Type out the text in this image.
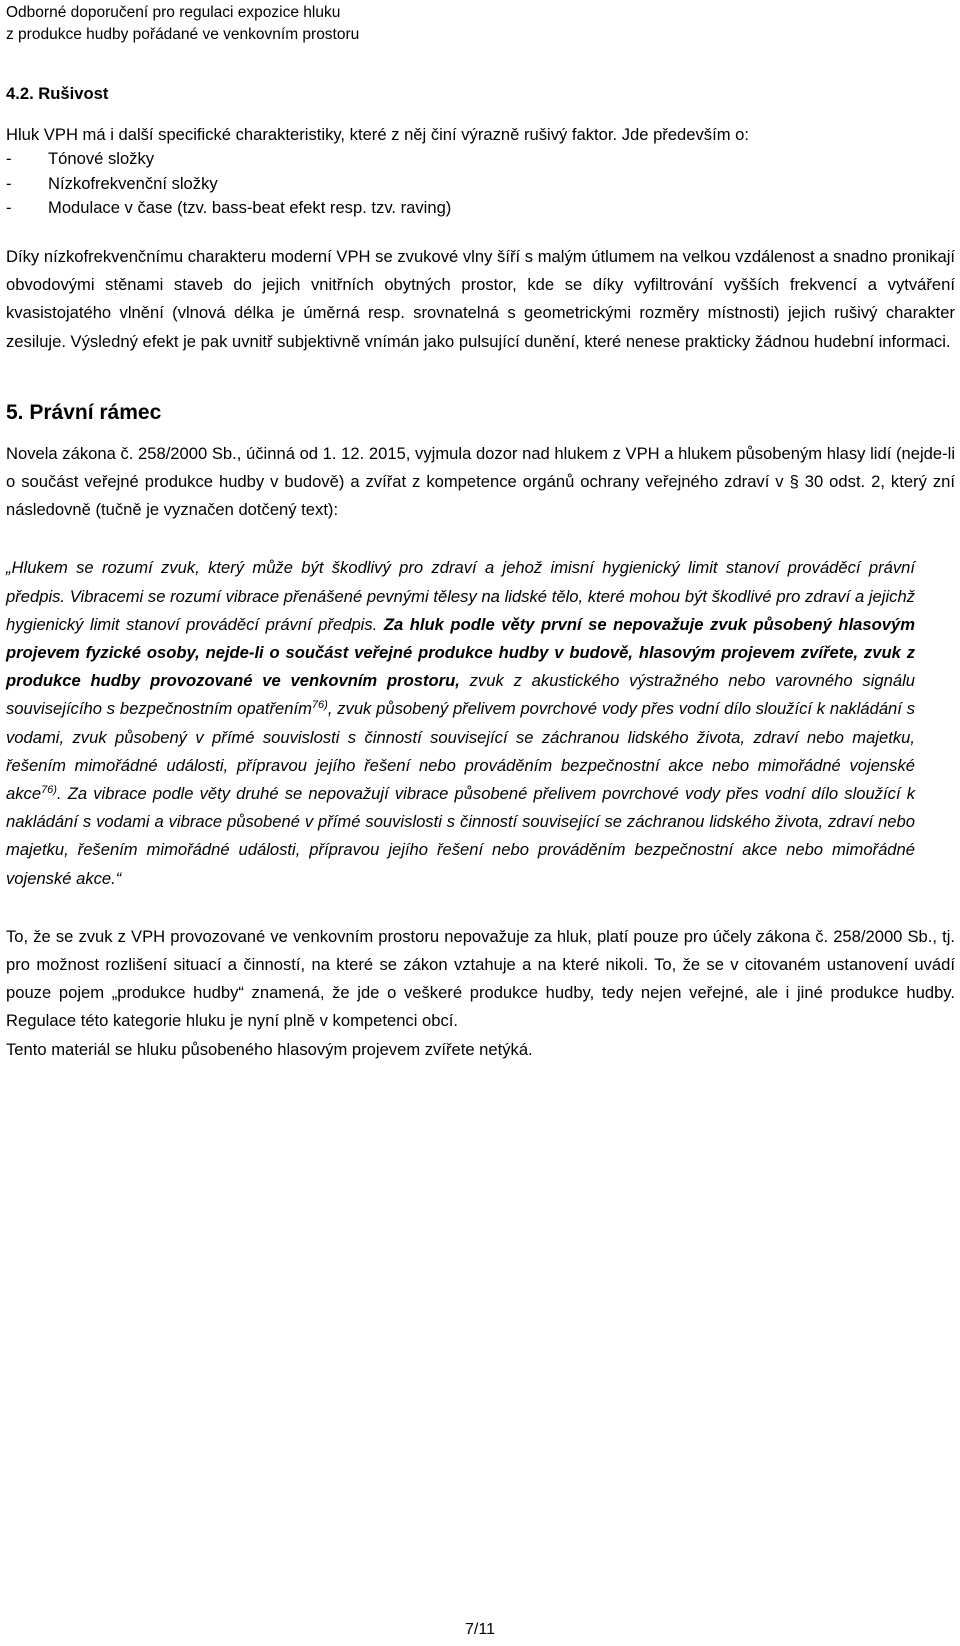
Odborné doporučení pro regulaci expozice hluku
z produkce hudby pořádané ve venkovním prostoru
4.2. Rušivost

Hluk VPH má i další specifické charakteristiky, které z něj činí výrazně rušivý faktor. Jde především o:

- Tónové složky
- Nízkofrekvenční složky
- Modulace v čase (tzv. bass-beat efekt resp. tzv. raving)

Díky nízkofrekvenčnímu charakteru moderní VPH se zvukové vlny šíří s malým útlumem na velkou vzdálenost a snadno pronikají obvodovými stěnami staveb do jejich vnitřních obytných prostor, kde se díky vyfiltrování vyšších frekvencí a vytváření kvasistojatého vlnění (vlnová délka je úměrná resp. srovnatelná s geometrickými rozměry místnosti) jejich rušivý charakter zesiluje. Výsledný efekt je pak uvnitř subjektivně vnímán jako pulsující dunění, které nenese prakticky žádnou hudební informaci.

5. Právní rámec

Novela zákona č. 258/2000 Sb., účinná od 1. 12. 2015, vyjmula dozor nad hlukem z VPH a hlukem působeným hlasy lidí (nejde-li o součást veřejné produkce hudby v budově) a zvířat z kompetence orgánů ochrany veřejného zdraví v § 30 odst. 2, který zní následovně (tučně je vyznačen dotčený text):

„Hlukem se rozumí zvuk, který může být škodlivý pro zdraví a jehož imisní hygienický limit stanoví prováděcí právní předpis. Vibracemi se rozumí vibrace přenášené pevnými tělesy na lidské tělo, které mohou být škodlivé pro zdraví a jejichž hygienický limit stanoví prováděcí právní předpis. Za hluk podle věty první se nepovažuje zvuk působený hlasovým projevem fyzické osoby, nejde-li o součást veřejné produkce hudby v budově, hlasovým projevem zvířete, zvuk z produkce hudby provozované ve venkovním prostoru, zvuk z akustického výstražného nebo varovného signálu souvisejícího s bezpečnostním opatřením$^{76)}$, zvuk působený přelivem povrchové vody přes vodní dílo sloužící k nakládání s vodami, zvuk působený v přímé souvislosti s činností související se záchranou lidského života, zdraví nebo majetku, řešením mimořádné události, přípravou jejího řešení nebo prováděním bezpečnostní akce nebo mimořádné vojenské akce$^{76)}$. Za vibrace podle věty druhé se nepovažují vibrace působené přelivem povrchové vody přes vodní dílo sloužící k nakládání s vodami a vibrace působené v přímé souvislosti s činností související se záchranou lidského života, zdraví nebo majetku, řešením mimořádné události, přípravou jejího řešení nebo prováděním bezpečnostní akce nebo mimořádné vojenské akce.“

To, že se zvuk z VPH provozované ve venkovním prostoru nepovažuje za hluk, platí pouze pro účely zákona č. 258/2000 Sb., tj. pro možnost rozlišení situací a činností, na které se zákon vztahuje a na které nikoli. To, že se v citovaném ustanovení uvádí pouze pojem „produkce hudby“ znamená, že jde o veškeré produkce hudby, tedy nejen veřejné, ale i jiné produkce hudby. Regulace této kategorie hluku je nyní plně v kompetenci obcí.

Tento materiál se hluku působeného hlasovým projevem zvířete netýká.

7/11
